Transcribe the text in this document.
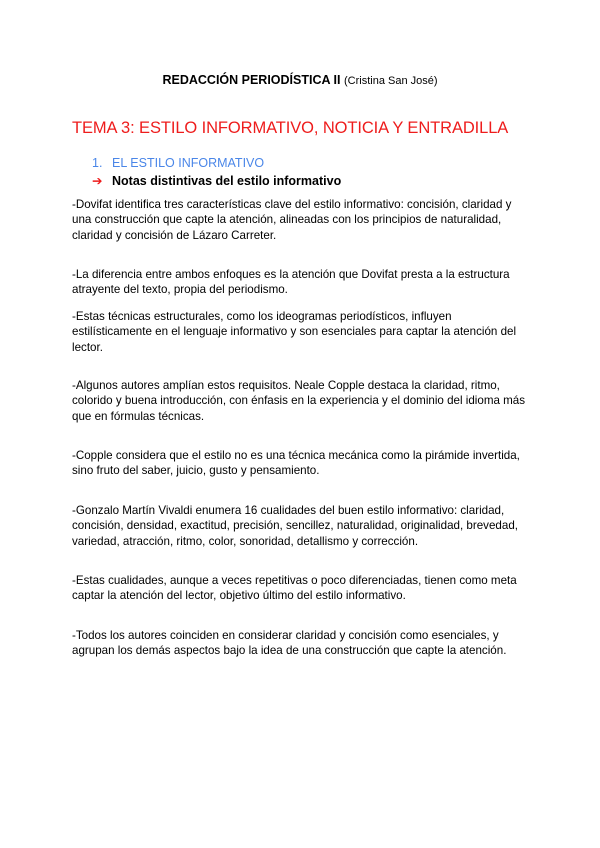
REDACCIÓN PERIODÍSTICA II (Cristina San José)
TEMA 3: ESTILO INFORMATIVO, NOTICIA Y ENTRADILLA
1. EL ESTILO INFORMATIVO
➔ Notas distintivas del estilo informativo

-Dovifat identifica tres características clave del estilo informativo: concisión, claridad y una construcción que capte la atención, alineadas con los principios de naturalidad, claridad y concisión de Lázaro Carreter.

-La diferencia entre ambos enfoques es la atención que Dovifat presta a la estructura atrayente del texto, propia del periodismo.

-Estas técnicas estructurales, como los ideogramas periodísticos, influyen estilísticamente en el lenguaje informativo y son esenciales para captar la atención del lector.

-Algunos autores amplían estos requisitos. Neale Copple destaca la claridad, ritmo, colorido y buena introducción, con énfasis en la experiencia y el dominio del idioma más que en fórmulas técnicas.

-Copple considera que el estilo no es una técnica mecánica como la pirámide invertida, sino fruto del saber, juicio, gusto y pensamiento.

-Gonzalo Martín Vivaldi enumera 16 cualidades del buen estilo informativo: claridad, concisión, densidad, exactitud, precisión, sencillez, naturalidad, originalidad, brevedad, variedad, atracción, ritmo, color, sonoridad, detallismo y corrección.

-Estas cualidades, aunque a veces repetitivas o poco diferenciadas, tienen como meta captar la atención del lector, objetivo último del estilo informativo.

-Todos los autores coinciden en considerar claridad y concisión como esenciales, y agrupan los demás aspectos bajo la idea de una construcción que capte la atención.
